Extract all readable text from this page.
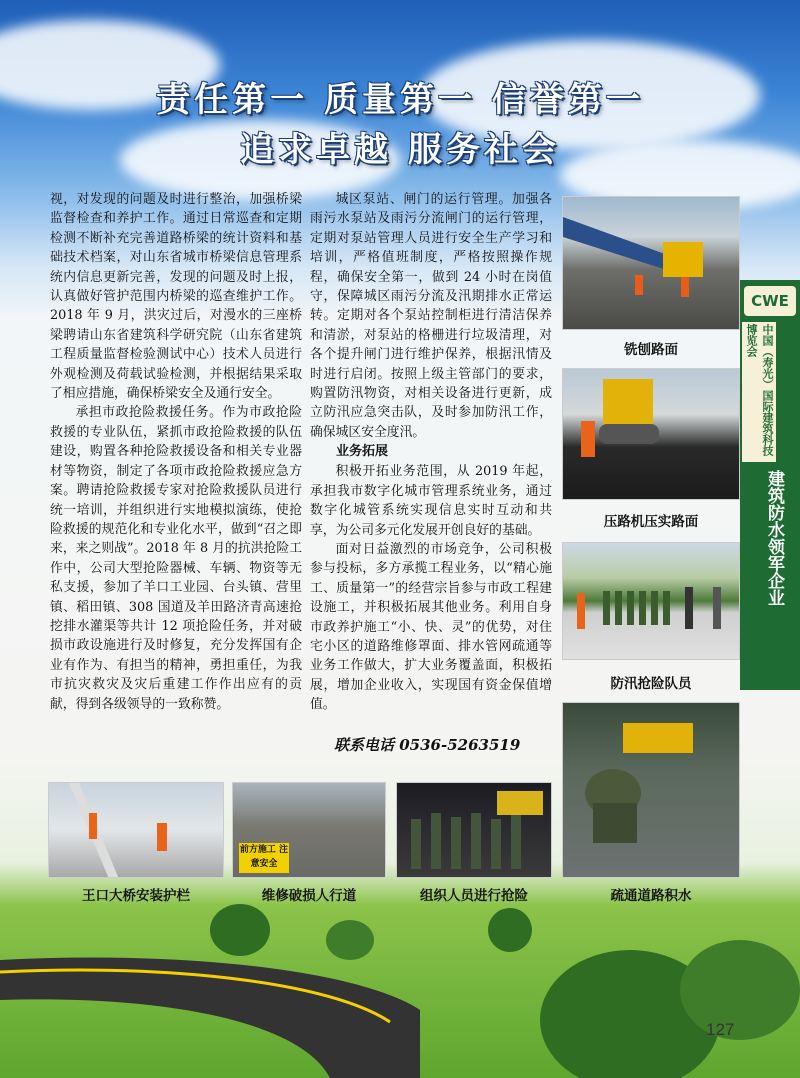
责任第一 质量第一 信誉第一
追求卓越 服务社会

视，对发现的问题及时进行整治，加强桥梁监督检查和养护工作。通过日常巡查和定期检测不断补充完善道路桥梁的统计资料和基础技术档案，对山东省城市桥梁信息管理系统内信息更新完善，发现的问题及时上报，认真做好管护范围内桥梁的巡查维护工作。2018 年 9 月，洪灾过后，对漫水的三座桥梁聘请山东省建筑科学研究院（山东省建筑工程质量监督检验测试中心）技术人员进行外观检测及荷载试验检测，并根据结果采取了相应措施，确保桥梁安全及通行安全。

承担市政抢险救援任务。作为市政抢险救援的专业队伍，紧抓市政抢险救援的队伍建设，购置各种抢险救援设备和相关专业器材等物资，制定了各项市政抢险救援应急方案。聘请抢险救援专家对抢险救援队员进行统一培训，并组织进行实地模拟演练，使抢险救援的规范化和专业化水平，做到“召之即来，来之则战”。2018 年 8 月的抗洪抢险工作中，公司大型抢险器械、车辆、物资等无私支援，参加了羊口工业园、台头镇、营里镇、稻田镇、308 国道及羊田路济青高速抢挖排水灌渠等共计 12 项抢险任务，并对破损市政设施进行及时修复，充分发挥国有企业有作为、有担当的精神，勇担重任，为我市抗灾救灾及灾后重建工作作出应有的贡献，得到各级领导的一致称赞。

城区泵站、闸门的运行管理。加强各雨污水泵站及雨污分流闸门的运行管理，定期对泵站管理人员进行安全生产学习和培训，严格值班制度，严格按照操作规程，确保安全第一，做到 24 小时在岗值守，保障城区雨污分流及汛期排水正常运转。定期对各个泵站控制柜进行清洁保养和清淤，对泵站的格栅进行垃圾清理，对各个提升闸门进行维护保养，根据汛情及时进行启闭。按照上级主管部门的要求，购置防汛物资，对相关设备进行更新，成立防汛应急突击队，及时参加防汛工作，确保城区安全度汛。

业务拓展

积极开拓业务范围，从 2019 年起，承担我市数字化城市管理系统业务，通过数字化城管系统实现信息实时互动和共享，为公司多元化发展开创良好的基础。

面对日益激烈的市场竞争，公司积极参与投标，多方承揽工程业务，以“精心施工、质量第一”的经营宗旨参与市政工程建设施工，并积极拓展其他业务。利用自身市政养护施工“小、快、灵”的优势，对住宅小区的道路维修罩面、排水管网疏通等业务工作做大，扩大业务覆盖面，积极拓展，增加企业收入，实现国有资金保值增值。

联系电话 0536-5263519
铣刨路面
压路机压实路面
防汛抢险队员
前方施工 注意安全
王口大桥安装护栏	维修破损人行道	组织人员进行抢险	疏通道路积水
CWE
中国（寿光）国际建筑科技博览会
建筑防水领军企业
127
